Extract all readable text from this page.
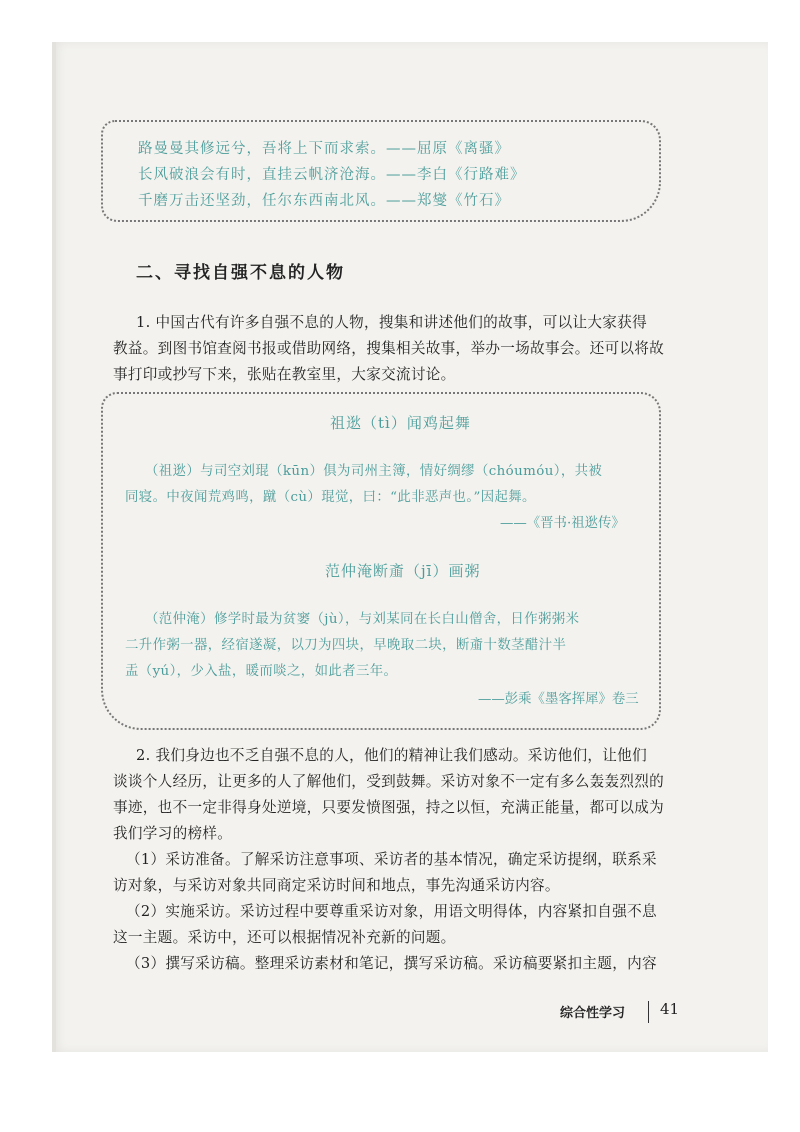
路曼曼其修远兮，吾将上下而求索。——屈原《离骚》
长风破浪会有时，直挂云帆济沧海。——李白《行路难》
千磨万击还坚劲，任尔东西南北风。——郑燮《竹石》
二、寻找自强不息的人物
1. 中国古代有许多自强不息的人物，搜集和讲述他们的故事，可以让大家获得
教益。到图书馆查阅书报或借助网络，搜集相关故事，举办一场故事会。还可以将故
事打印或抄写下来，张贴在教室里，大家交流讨论。
祖逖（tì）闻鸡起舞
（祖逖）与司空刘琨（kūn）俱为司州主簿，情好绸缪（chóumóu），共被
同寝。中夜闻荒鸡鸣，蹴（cù）琨觉，曰：“此非恶声也。”因起舞。
——《晋书·祖逖传》
范仲淹断齑（jī）画粥
（范仲淹）修学时最为贫窭（jù），与刘某同在长白山僧舍，日作粥粥米
二升作粥一器，经宿遂凝，以刀为四块，早晚取二块，断齑十数茎醋汁半
盂（yú），少入盐，暖而啖之，如此者三年。
——彭乘《墨客挥犀》卷三
2. 我们身边也不乏自强不息的人，他们的精神让我们感动。采访他们，让他们
谈谈个人经历，让更多的人了解他们，受到鼓舞。采访对象不一定有多么轰轰烈烈的
事迹，也不一定非得身处逆境，只要发愤图强，持之以恒，充满正能量，都可以成为
我们学习的榜样。
（1）采访准备。了解采访注意事项、采访者的基本情况，确定采访提纲，联系采
访对象，与采访对象共同商定采访时间和地点，事先沟通采访内容。
（2）实施采访。采访过程中要尊重采访对象，用语文明得体，内容紧扣自强不息
这一主题。采访中，还可以根据情况补充新的问题。
（3）撰写采访稿。整理采访素材和笔记，撰写采访稿。采访稿要紧扣主题，内容
综合性学习 41
